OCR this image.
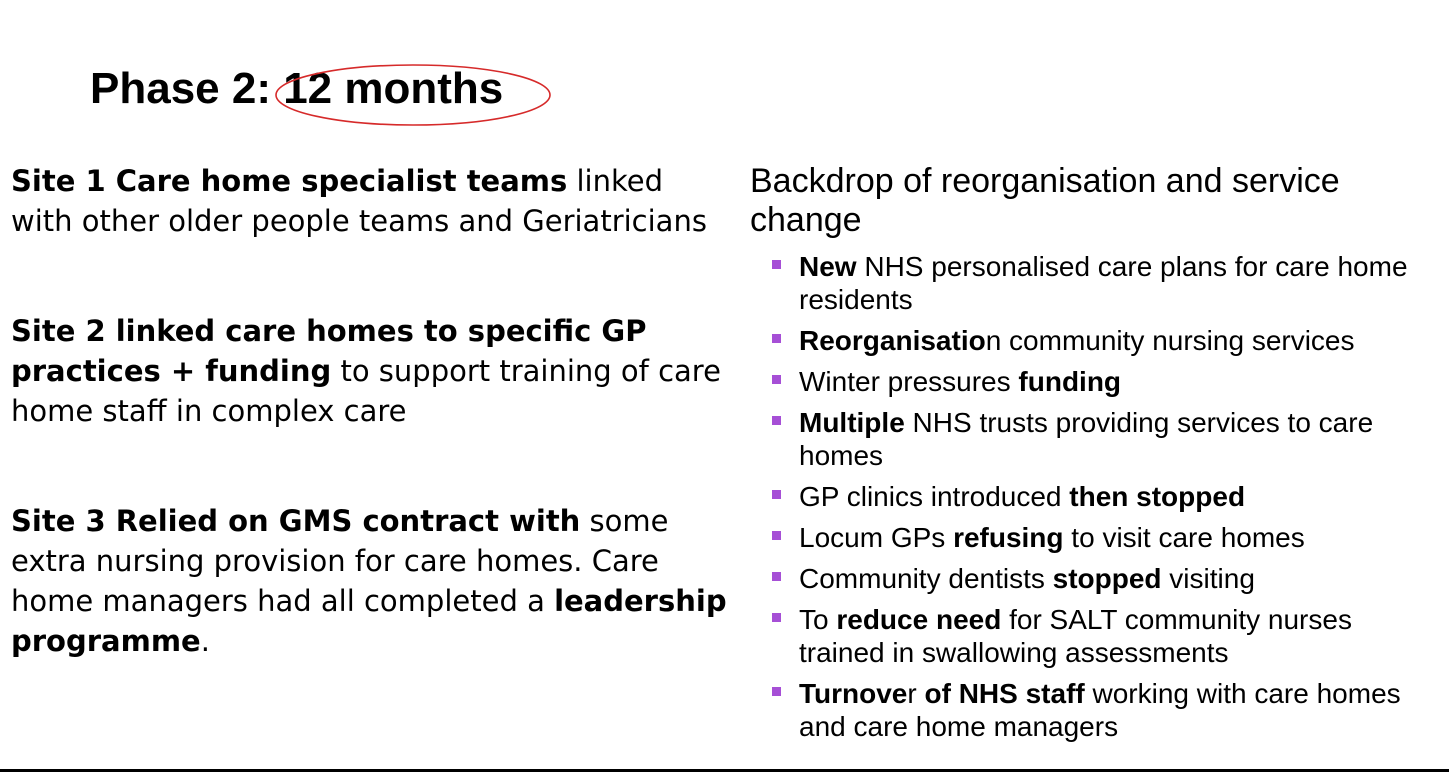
Phase 2: 12 months
Site 1 Care home specialist teams linked with other older people teams and Geriatricians
Site 2 linked care homes to specific GP practices + funding to support training of care home staff in complex care
Site 3 Relied on GMS contract with some extra nursing provision for care homes. Care home managers had all completed a leadership programme.
Backdrop of reorganisation and service change
New NHS personalised care plans for care home residents
Reorganisation community nursing services
Winter pressures funding
Multiple NHS trusts providing services to care homes
GP clinics introduced then stopped
Locum GPs refusing to visit care homes
Community dentists stopped visiting
To reduce need for SALT community nurses trained in swallowing assessments
Turnover of NHS staff working with care homes and care home managers
